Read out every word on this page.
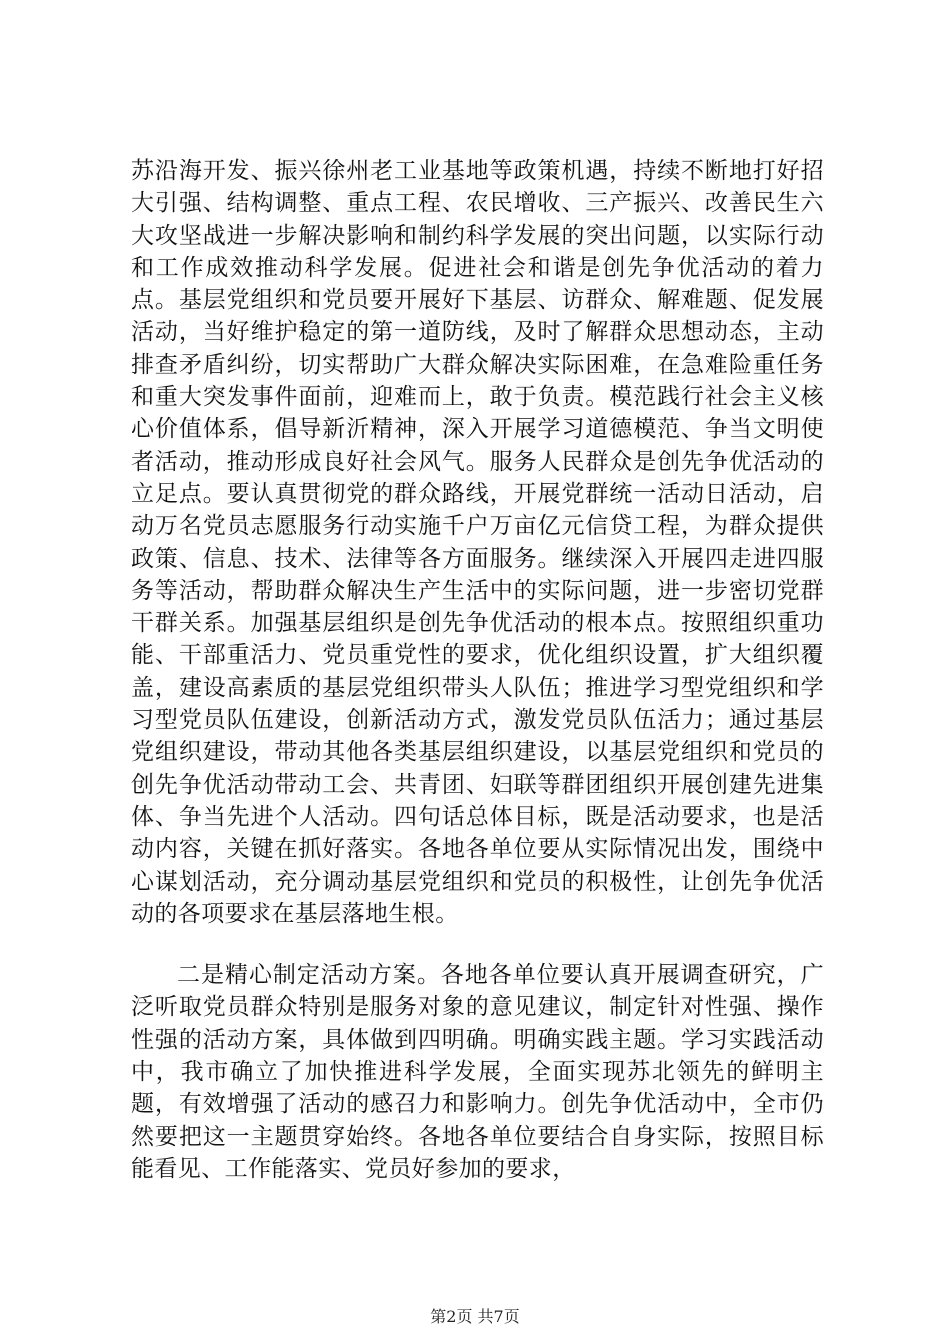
苏沿海开发、振兴徐州老工业基地等政策机遇，持续不断地打好招大引强、结构调整、重点工程、农民增收、三产振兴、改善民生六大攻坚战进一步解决影响和制约科学发展的突出问题，以实际行动和工作成效推动科学发展。促进社会和谐是创先争优活动的着力点。基层党组织和党员要开展好下基层、访群众、解难题、促发展活动，当好维护稳定的第一道防线，及时了解群众思想动态，主动排查矛盾纠纷，切实帮助广大群众解决实际困难，在急难险重任务和重大突发事件面前，迎难而上，敢于负责。模范践行社会主义核心价值体系，倡导新沂精神，深入开展学习道德模范、争当文明使者活动，推动形成良好社会风气。服务人民群众是创先争优活动的立足点。要认真贯彻党的群众路线，开展党群统一活动日活动，启动万名党员志愿服务行动实施千户万亩亿元信贷工程，为群众提供政策、信息、技术、法律等各方面服务。继续深入开展四走进四服务等活动，帮助群众解决生产生活中的实际问题，进一步密切党群干群关系。加强基层组织是创先争优活动的根本点。按照组织重功能、干部重活力、党员重党性的要求，优化组织设置，扩大组织覆盖，建设高素质的基层党组织带头人队伍；推进学习型党组织和学习型党员队伍建设，创新活动方式，激发党员队伍活力；通过基层党组织建设，带动其他各类基层组织建设，以基层党组织和党员的创先争优活动带动工会、共青团、妇联等群团组织开展创建先进集体、争当先进个人活动。四句话总体目标，既是活动要求，也是活动内容，关键在抓好落实。各地各单位要从实际情况出发，围绕中心谋划活动，充分调动基层党组织和党员的积极性，让创先争优活动的各项要求在基层落地生根。

二是精心制定活动方案。各地各单位要认真开展调查研究，广泛听取党员群众特别是服务对象的意见建议，制定针对性强、操作性强的活动方案，具体做到四明确。明确实践主题。学习实践活动中，我市确立了加快推进科学发展，全面实现苏北领先的鲜明主题，有效增强了活动的感召力和影响力。创先争优活动中，全市仍然要把这一主题贯穿始终。各地各单位要结合自身实际，按照目标能看见、工作能落实、党员好参加的要求，

第2页 共7页
